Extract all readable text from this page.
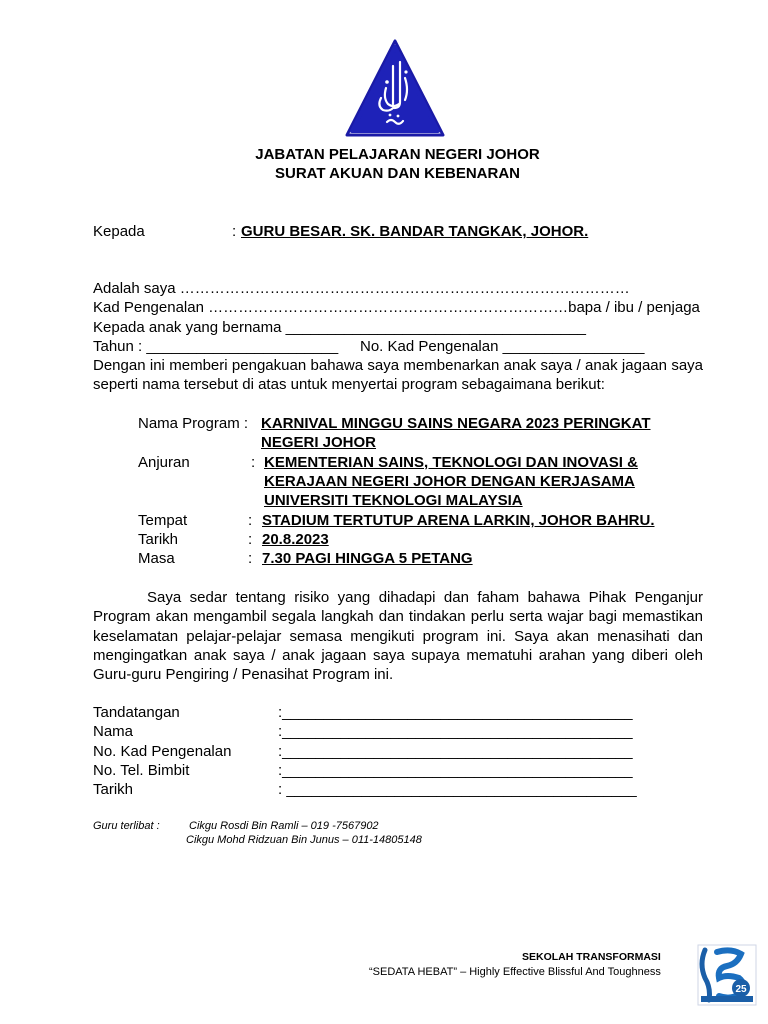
JABATAN PELAJARAN NEGERI JOHOR
SURAT AKUAN DAN KEBENARAN
Kepada	: GURU BESAR. SK. BANDAR TANGKAK, JOHOR.
Adalah saya ………………………………………………………………………………
Kad Pengenalan ………………………………………………………………bapa / ibu / penjaga
Kepada anak yang bernama ____________________________________
Tahun : _______________________ No. Kad Pengenalan _________________
Dengan ini memberi pengakuan bahawa saya membenarkan anak saya / anak jagaan saya seperti nama tersebut di atas untuk menyertai program sebagaimana berikut:
Nama Program : KARNIVAL MINGGU SAINS NEGARA 2023 PERINGKAT
NEGERI JOHOR
Anjuran	: KEMENTERIAN SAINS, TEKNOLOGI DAN INOVASI &
KERAJAAN NEGERI JOHOR DENGAN KERJASAMA
UNIVERSITI TEKNOLOGI MALAYSIA
Tempat	: STADIUM TERTUTUP ARENA LARKIN, JOHOR BAHRU.
Tarikh	: 20.8.2023
Masa	: 7.30 PAGI HINGGA 5 PETANG
Saya sedar tentang risiko yang dihadapi dan faham bahawa Pihak Penganjur Program akan mengambil segala langkah dan tindakan perlu serta wajar bagi memastikan keselamatan pelajar-pelajar semasa mengikuti program ini. Saya akan menasihati dan mengingatkan anak saya / anak jagaan saya supaya mematuhi arahan yang diberi oleh Guru-guru Pengiring / Penasihat Program ini.
Tandatangan	:__________________________________________
Nama	:__________________________________________
No. Kad Pengenalan	:__________________________________________
No. Tel. Bimbit	:__________________________________________
Tarikh	: __________________________________________
Guru terlibat :	Cikgu Rosdi Bin Ramli – 019 -7567902
Cikgu Mohd Ridzuan Bin Junus – 011-14805148
SEKOLAH TRANSFORMASI
“SEDATA HEBAT” – Highly Effective Blissful And Toughness
25
